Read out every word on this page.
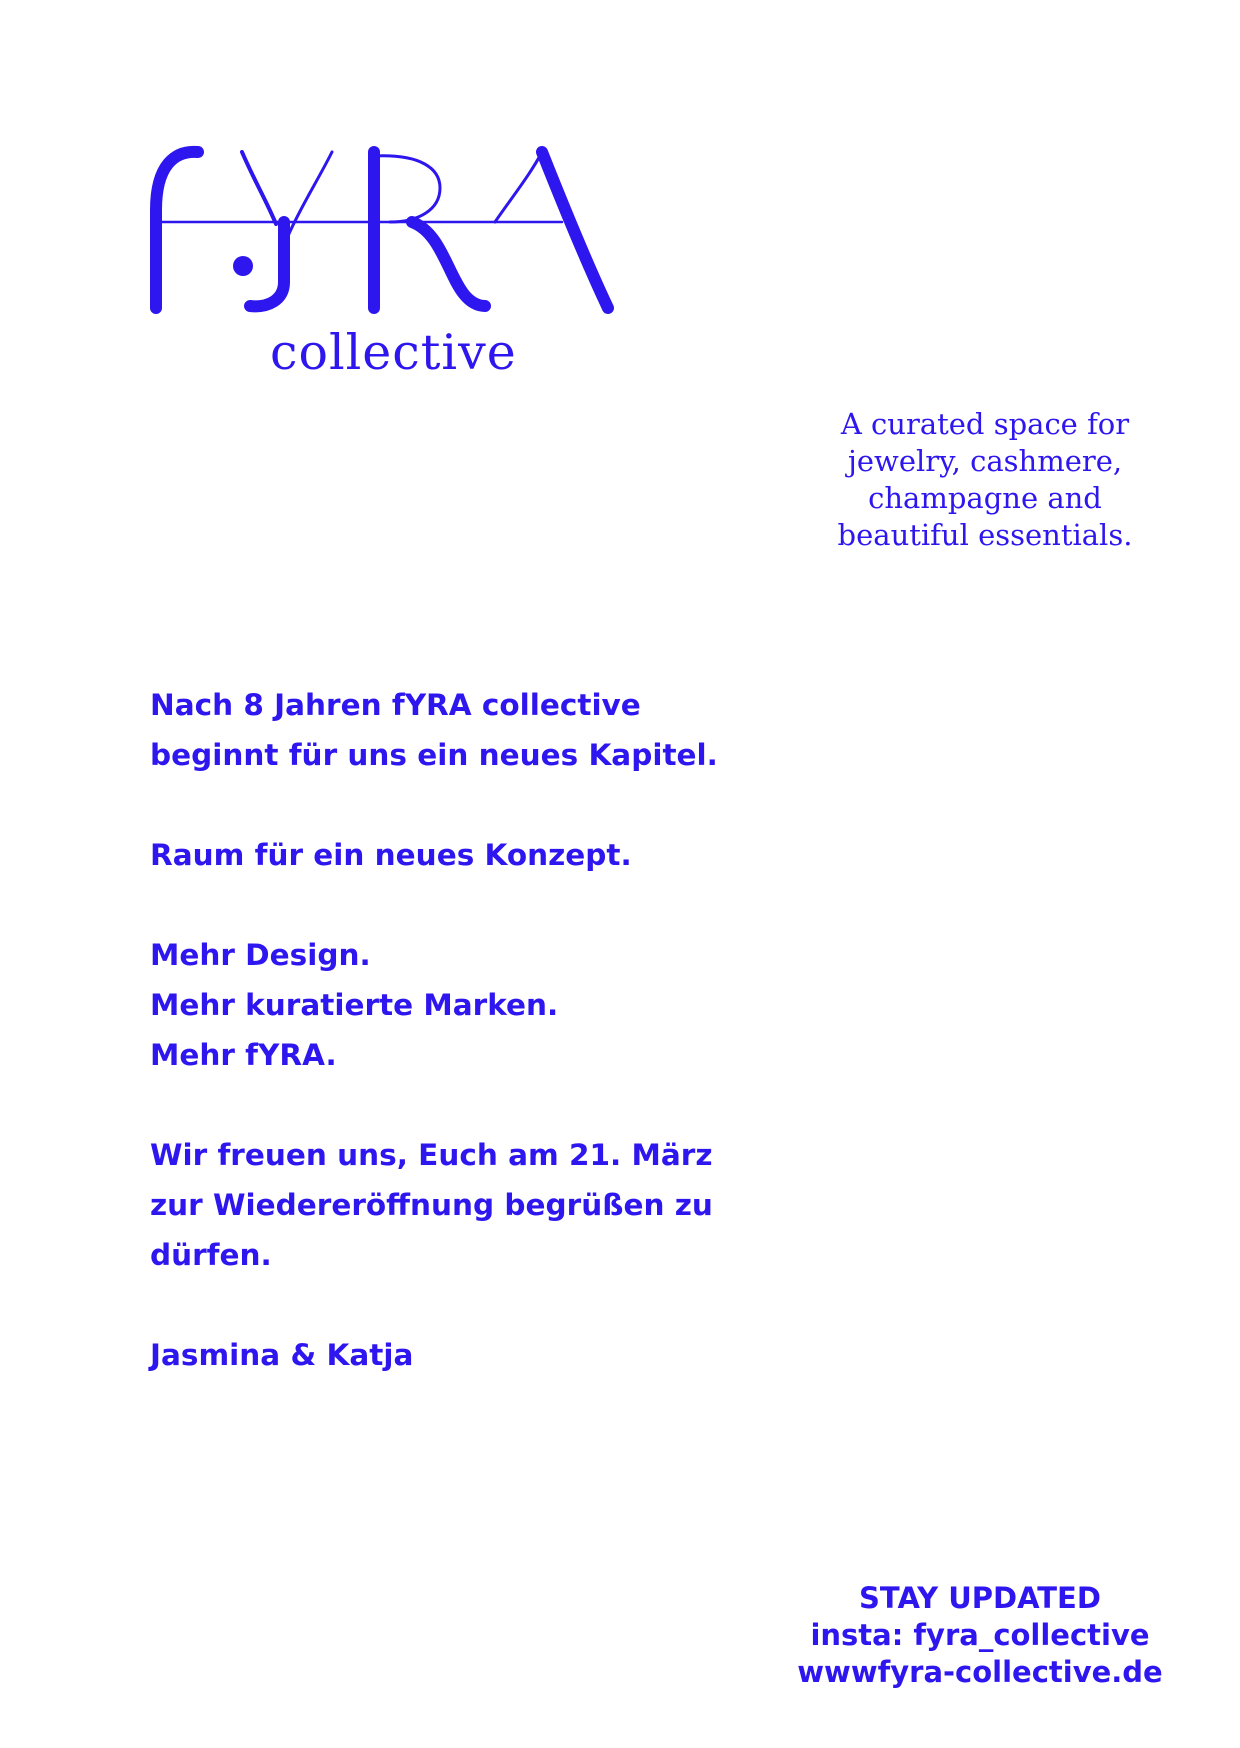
collective
A curated space for
jewelry, cashmere,
champagne and
beautiful essentials.
Nach 8 Jahren fYRA collective
beginnt für uns ein neues Kapitel.
Raum für ein neues Konzept.
Mehr Design.
Mehr kuratierte Marken.
Mehr fYRA.
Wir freuen uns, Euch am 21. März
zur Wiedereröffnung begrüßen zu
dürfen.
Jasmina & Katja
STAY UPDATED
insta: fyra_collective
wwwfyra-collective.de
